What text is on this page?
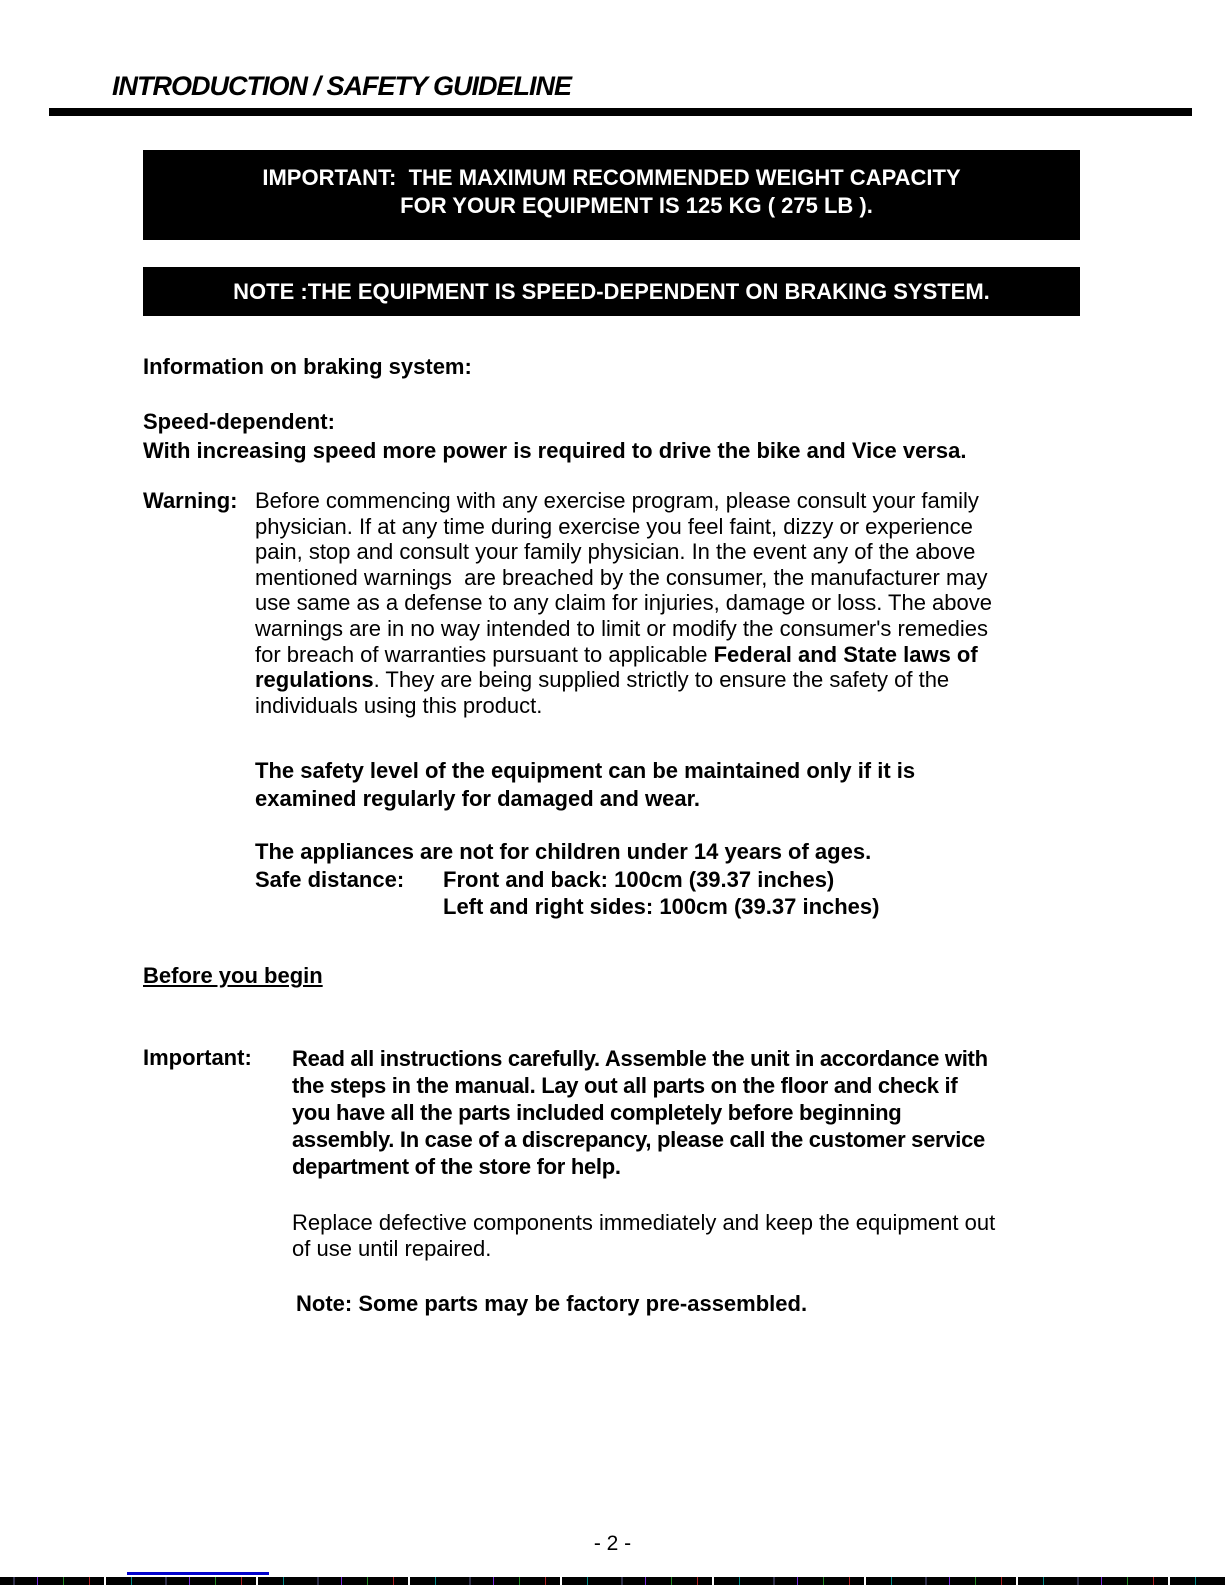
INTRODUCTION / SAFETY GUIDELINE
IMPORTANT:  THE MAXIMUM RECOMMENDED WEIGHT CAPACITY
FOR YOUR EQUIPMENT IS 125 KG ( 275 LB ).
NOTE :THE EQUIPMENT IS SPEED-DEPENDENT ON BRAKING SYSTEM.
Information on braking system:
Speed-dependent:
With increasing speed more power is required to drive the bike and Vice versa.
Warning: Before commencing with any exercise program, please consult your family
physician. If at any time during exercise you feel faint, dizzy or experience
pain, stop and consult your family physician. In the event any of the above
mentioned warnings  are breached by the consumer, the manufacturer may
use same as a defense to any claim for injuries, damage or loss. The above
warnings are in no way intended to limit or modify the consumer's remedies
for breach of warranties pursuant to applicable Federal and State laws of
regulations. They are being supplied strictly to ensure the safety of the
individuals using this product.
The safety level of the equipment can be maintained only if it is
examined regularly for damaged and wear.
The appliances are not for children under 14 years of ages.
Safe distance: Front and back: 100cm (39.37 inches)
Left and right sides: 100cm (39.37 inches)
Before you begin
Important: Read all instructions carefully. Assemble the unit in accordance with
the steps in the manual. Lay out all parts on the floor and check if
you have all the parts included completely before beginning
assembly. In case of a discrepancy, please call the customer service
department of the store for help.
Replace defective components immediately and keep the equipment out
of use until repaired.
Note: Some parts may be factory pre-assembled.
- 2 -
